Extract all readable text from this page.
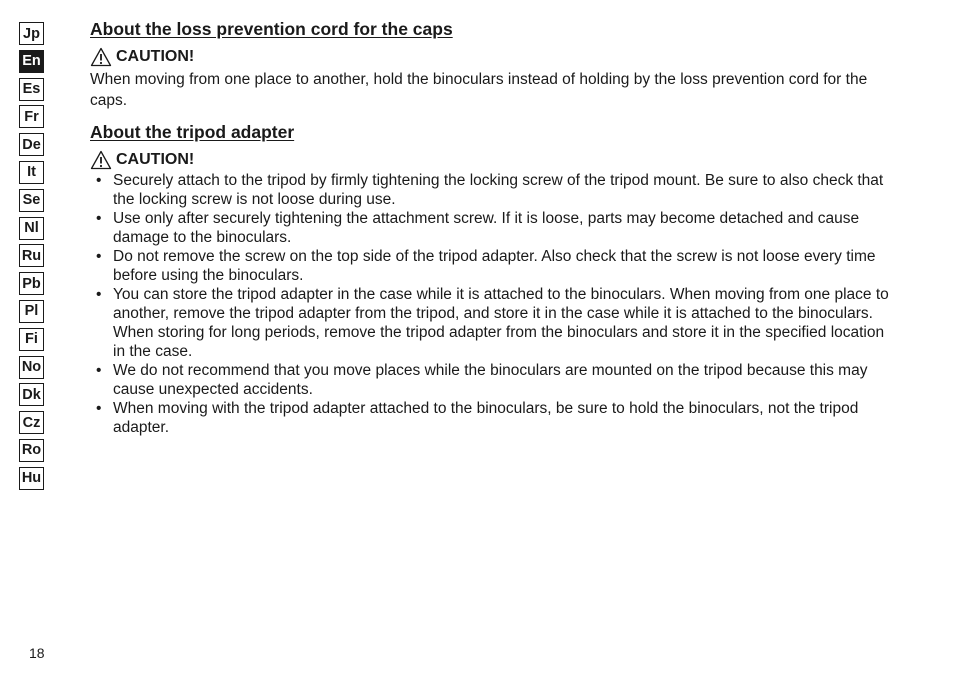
Jp
En
Es
Fr
De
It
Se
Nl
Ru
Pb
Pl
Fi
No
Dk
Cz
Ro
Hu
About the loss prevention cord for the caps
CAUTION!

When moving from one place to another, hold the binoculars instead of holding by the loss prevention cord for the caps.

About the tripod adapter
CAUTION!
• Securely attach to the tripod by firmly tightening the locking screw of the tripod mount. Be sure to also check that the locking screw is not loose during use.
• Use only after securely tightening the attachment screw. If it is loose, parts may become detached and cause damage to the binoculars.
• Do not remove the screw on the top side of the tripod adapter. Also check that the screw is not loose every time before using the binoculars.
• You can store the tripod adapter in the case while it is attached to the binoculars. When moving from one place to another, remove the tripod adapter from the tripod, and store it in the case while it is attached to the binoculars.
When storing for long periods, remove the tripod adapter from the binoculars and store it in the specified location in the case.
• We do not recommend that you move places while the binoculars are mounted on the tripod because this may cause unexpected accidents.
• When moving with the tripod adapter attached to the binoculars, be sure to hold the binoculars, not the tripod adapter.
18
